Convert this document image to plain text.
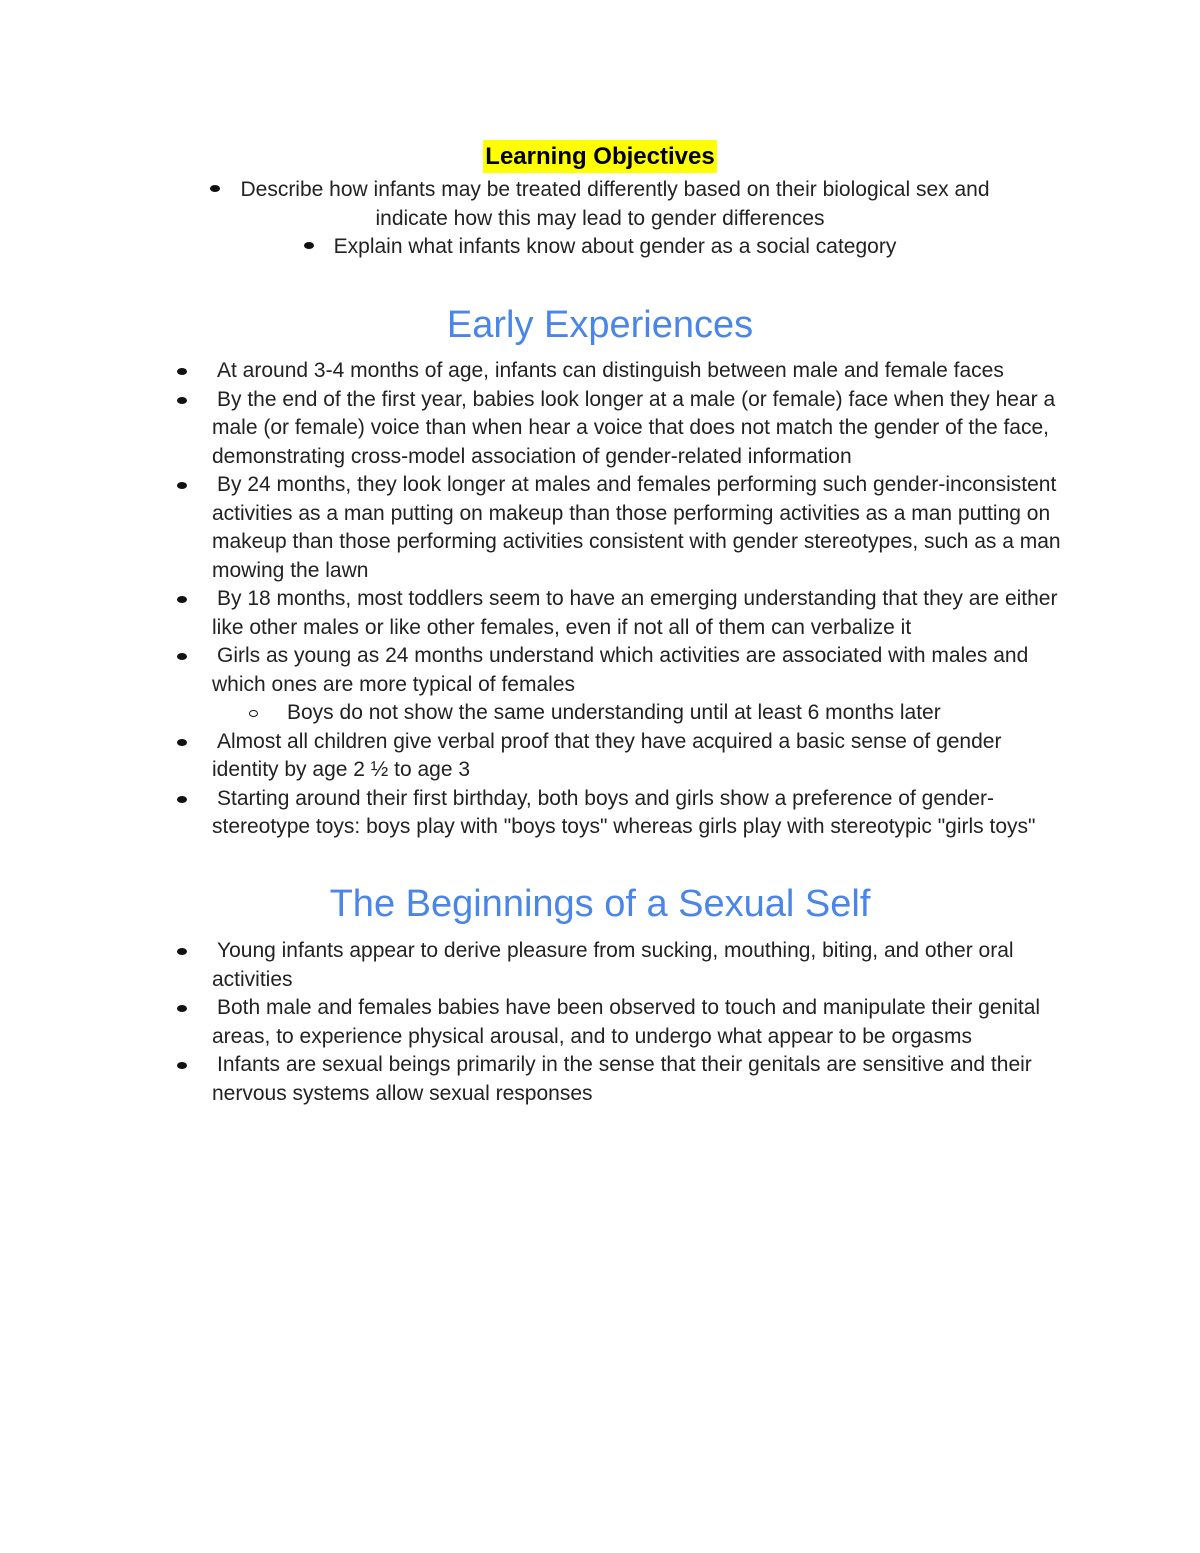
Learning Objectives
Describe how infants may be treated differently based on their biological sex and
indicate how this may lead to gender differences
Explain what infants know about gender as a social category
Early Experiences
At around 3-4 months of age, infants can distinguish between male and female faces
By the end of the first year, babies look longer at a male (or female) face when they hear a male (or female) voice than when hear a voice that does not match the gender of the face, demonstrating cross-model association of gender-related information
By 24 months, they look longer at males and females performing such gender-inconsistent activities as a man putting on makeup than those performing activities as a man putting on makeup than those performing activities consistent with gender stereotypes, such as a man mowing the lawn
By 18 months, most toddlers seem to have an emerging understanding that they are either like other males or like other females, even if not all of them can verbalize it
Girls as young as 24 months understand which activities are associated with males and which ones are more typical of females
Boys do not show the same understanding until at least 6 months later
Almost all children give verbal proof that they have acquired a basic sense of gender identity by age 2 ½ to age 3
Starting around their first birthday, both boys and girls show a preference of gender-stereotype toys: boys play with "boys toys" whereas girls play with stereotypic "girls toys"
The Beginnings of a Sexual Self
Young infants appear to derive pleasure from sucking, mouthing, biting, and other oral activities
Both male and females babies have been observed to touch and manipulate their genital areas, to experience physical arousal, and to undergo what appear to be orgasms
Infants are sexual beings primarily in the sense that their genitals are sensitive and their nervous systems allow sexual responses
